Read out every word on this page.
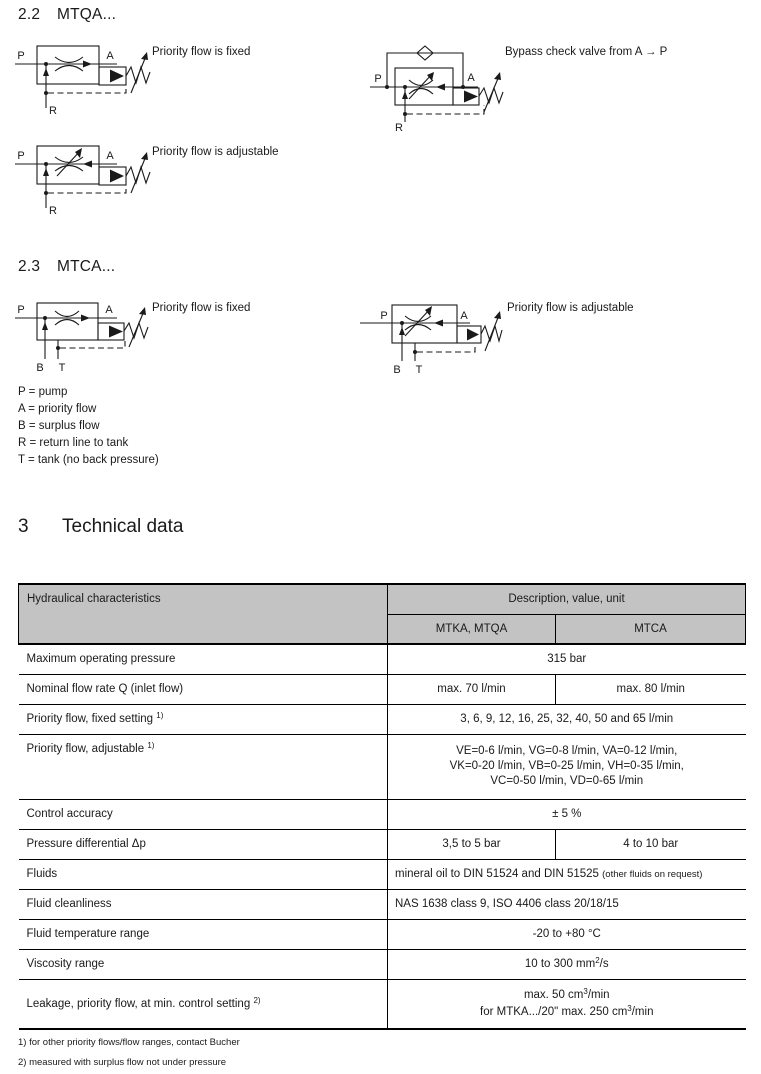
2.2 MTQA...
P	A
R
Priority flow is fixed
P	A
R
Bypass check valve from A → P
P	A
R
Priority flow is adjustable
2.3 MTCA...
P	A
B T
Priority flow is fixed
P	A
B T
Priority flow is adjustable
P = pump
A = priority flow
B = surplus flow
R = return line to tank
T = tank (no back pressure)
3 Technical data
Hydraulical characteristics	Description, value, unit	
	MTKA, MTQA	MTCA
Maximum operating pressure	315 bar	
Nominal flow rate Q (inlet flow)	max. 70 l/min	max. 80 l/min
Priority flow, fixed setting $^{1)}$	3, 6, 9, 12, 16, 25, 32, 40, 50 and 65 l/min	
Priority flow, adjustable $^{1)}$	VE=0-6 l/min, VG=0-8 l/min, VA=0-12 l/min,
VK=0-20 l/min, VB=0-25 l/min, VH=0-35 l/min,
VC=0-50 l/min, VD=0-65 l/min	

Control accuracy	± 5 %	
Pressure differential Δp	3,5 to 5 bar	4 to 10 bar
Fluids	mineral oil to DIN 51524 and DIN 51525 (other fluids on request)	
Fluid cleanliness	NAS 1638 class 9, ISO 4406 class 20/18/15	
Fluid temperature range	-20 to +80 °C	
Viscosity range	10 to 300 $mm^2/s$	
Leakage, priority flow, at min. control setting $^{2)}$	max. 50 $cm^3/\min$
for MTKA.../20" max. 250 $cm^3/\min$	
1) for other priority flows/flow ranges, contact Bucher
2) measured with surplus flow not under pressure
